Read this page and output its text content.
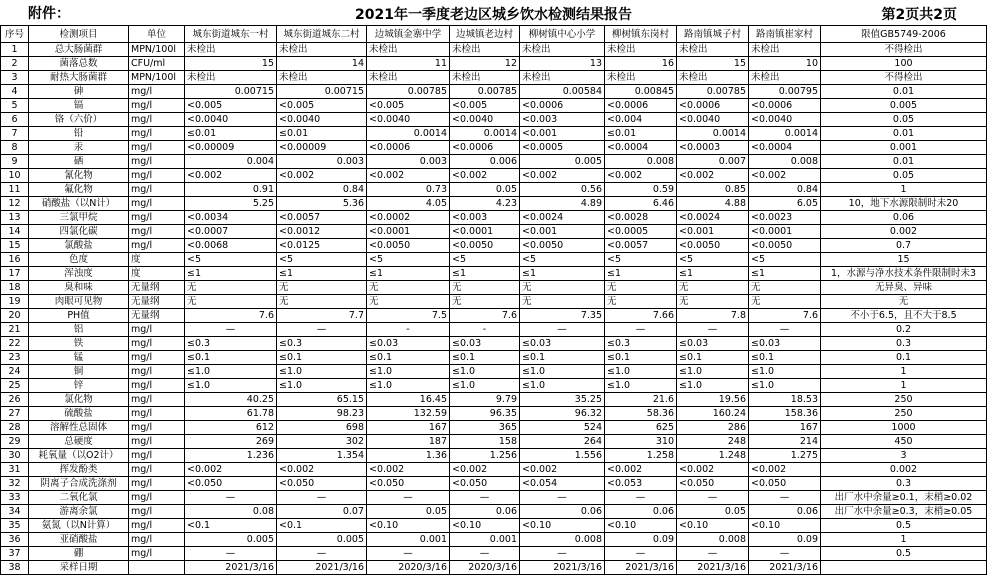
附件：	2021年一季度老边区城乡饮水检测结果报告	第2页共2页
序号	检测项目	单位	城东街道城东一村	城东街道城东二村	边城镇金寨中学	边城镇老边村	柳树镇中心小学	柳树镇东岗村	路南镇城子村	路南镇崔家村	限值GB5749-2006
1	总大肠菌群	MPN/100l	未检出	未检出	未检出	未检出	未检出	未检出	未检出	未检出	不得检出
2	菌落总数	CFU/ml	15	14	11	12	13	16	15	10	100
3	耐热大肠菌群	MPN/100l	未检出	未检出	未检出	未检出	未检出	未检出	未检出	未检出	不得检出
4	砷	mg/l	0.00715	0.00715	0.00785	0.00785	0.00584	0.00845	0.00785	0.00795	0.01
5	镉	mg/l	<0.005	<0.005	<0.005	<0.005	<0.0006	<0.0006	<0.0006	<0.0006	0.005
6	铬（六价）	mg/l	<0.0040	<0.0040	<0.0040	<0.0040	<0.003	<0.004	<0.0040	<0.0040	0.05
7	铅	mg/l	≤0.01	≤0.01	0.0014	0.0014	<0.001	≤0.01	0.0014	0.0014	0.01
8	汞	mg/l	<0.00009	<0.00009	<0.0006	<0.0006	<0.0005	<0.0004	<0.0003	<0.0004	0.001
9	硒	mg/l	0.004	0.003	0.003	0.006	0.005	0.008	0.007	0.008	0.01
10	氰化物	mg/l	<0.002	<0.002	<0.002	<0.002	<0.002	<0.002	<0.002	<0.002	0.05
11	氟化物	mg/l	0.91	0.84	0.73	0.05	0.56	0.59	0.85	0.84	1
12	硝酸盐（以N计）	mg/l	5.25	5.36	4.05	4.23	4.89	6.46	4.88	6.05	10，地下水源限制时未20
13	三氯甲烷	mg/l	<0.0034	<0.0057	<0.0002	<0.003	<0.0024	<0.0028	<0.0024	<0.0023	0.06
14	四氯化碳	mg/l	<0.0007	<0.0012	<0.0001	<0.0001	<0.001	<0.0005	<0.001	<0.0001	0.002
15	氯酸盐	mg/l	<0.0068	<0.0125	<0.0050	<0.0050	<0.0050	<0.0057	<0.0050	<0.0050	0.7
16	色度	度	<5	<5	<5	<5	<5	<5	<5	<5	15
17	浑浊度	度	≤1	≤1	≤1	≤1	≤1	≤1	≤1	≤1	1，水源与净水技术条件限制时未3
18	臭和味	无量纲	无	无	无	无	无	无	无	无	无异臭、异味
19	肉眼可见物	无量纲	无	无	无	无	无	无	无	无	无
20	PH值	无量纲	7.6	7.7	7.5	7.6	7.35	7.66	7.8	7.6	不小于6.5，且不大于8.5
21	铝	mg/l	—	—	-	-	—	—	—	—	0.2
22	铁	mg/l	≤0.3	≤0.3	≤0.03	≤0.03	≤0.03	≤0.3	≤0.03	≤0.03	0.3
23	锰	mg/l	≤0.1	≤0.1	≤0.1	≤0.1	≤0.1	≤0.1	≤0.1	≤0.1	0.1
24	铜	mg/l	≤1.0	≤1.0	≤1.0	≤1.0	≤1.0	≤1.0	≤1.0	≤1.0	1
25	锌	mg/l	≤1.0	≤1.0	≤1.0	≤1.0	≤1.0	≤1.0	≤1.0	≤1.0	1
26	氯化物	mg/l	40.25	65.15	16.45	9.79	35.25	21.6	19.56	18.53	250
27	硫酸盐	mg/l	61.78	98.23	132.59	96.35	96.32	58.36	160.24	158.36	250
28	溶解性总固体	mg/l	612	698	167	365	524	625	286	167	1000
29	总硬度	mg/l	269	302	187	158	264	310	248	214	450
30	耗氧量（以O2计）	mg/l	1.236	1.354	1.36	1.256	1.556	1.258	1.248	1.275	3
31	挥发酚类	mg/l	<0.002	<0.002	<0.002	<0.002	<0.002	<0.002	<0.002	<0.002	0.002
32	阴离子合成洗涤剂	mg/l	<0.050	<0.050	<0.050	<0.050	<0.054	<0.053	<0.050	<0.050	0.3
33	二氧化氯	mg/l	—	—	—	—	—	—	—	—	出厂水中余量≥0.1，末梢≥0.02
34	游离余氯	mg/l	0.08	0.07	0.05	0.06	0.06	0.06	0.05	0.06	出厂水中余量≥0.3，末梢≥0.05
35	氨氮（以N计算）	mg/l	<0.1	<0.1	<0.10	<0.10	<0.10	<0.10	<0.10	<0.10	0.5
36	亚硝酸盐	mg/l	0.005	0.005	0.001	0.001	0.008	0.09	0.008	0.09	1
37	硼	mg/l	—	—	—	—	—	—	—	—	0.5
38	采样日期		2021/3/16	2021/3/16	2020/3/16	2020/3/16	2021/3/16	2021/3/16	2021/3/16	2021/3/16	
